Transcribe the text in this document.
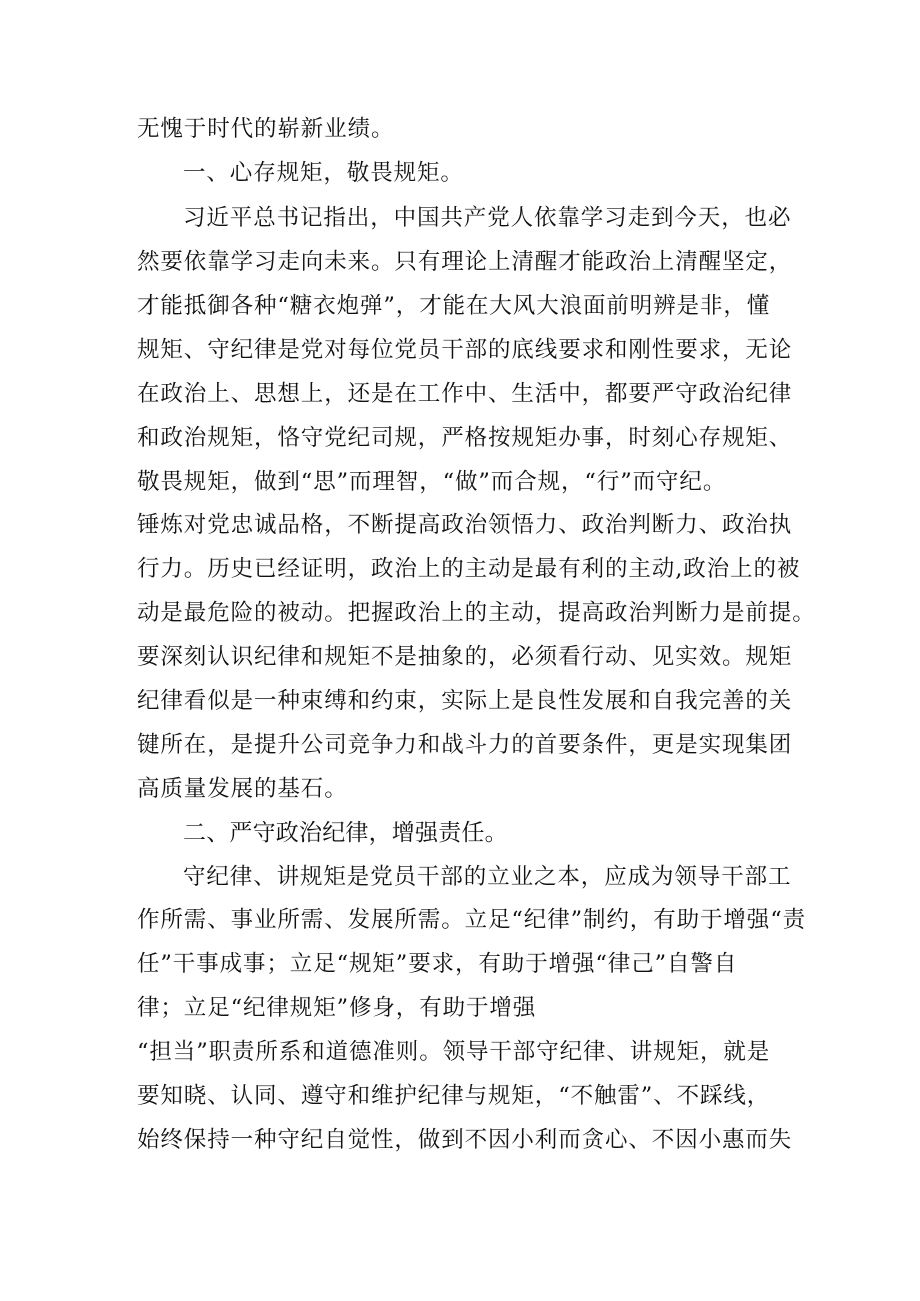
无愧于时代的崭新业绩。

一、心存规矩，敬畏规矩。

习近平总书记指出，中国共产党人依靠学习走到今天，也必

然要依靠学习走向未来。只有理论上清醒才能政治上清醒坚定，

才能抵御各种“糖衣炮弹”，才能在大风大浪面前明辨是非，懂

规矩、守纪律是党对每位党员干部的底线要求和刚性要求，无论

在政治上、思想上，还是在工作中、生活中，都要严守政治纪律

和政治规矩，恪守党纪司规，严格按规矩办事，时刻心存规矩、

敬畏规矩，做到“思”而理智，“做”而合规，“行”而守纪。

锤炼对党忠诚品格，不断提高政治领悟力、政治判断力、政治执

行力。历史已经证明，政治上的主动是最有利的主动,政治上的被

动是最危险的被动。把握政治上的主动，提高政治判断力是前提。

要深刻认识纪律和规矩不是抽象的，必须看行动、见实效。规矩

纪律看似是一种束缚和约束，实际上是良性发展和自我完善的关

键所在，是提升公司竞争力和战斗力的首要条件，更是实现集团

高质量发展的基石。

二、严守政治纪律，增强责任。

守纪律、讲规矩是党员干部的立业之本，应成为领导干部工

作所需、事业所需、发展所需。立足“纪律”制约，有助于增强“责

任”干事成事；立足“规矩”要求，有助于增强“律己”自警自

律；立足“纪律规矩”修身，有助于增强

“担当”职责所系和道德准则。领导干部守纪律、讲规矩，就是

要知晓、认同、遵守和维护纪律与规矩，“不触雷”、不踩线，

始终保持一种守纪自觉性，做到不因小利而贪心、不因小惠而失
